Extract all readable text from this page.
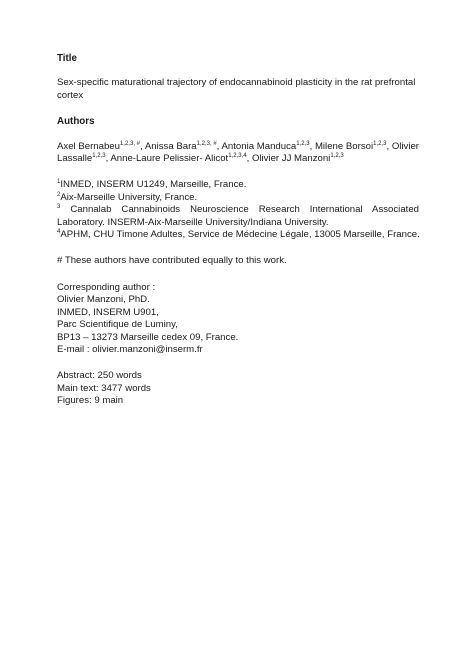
Title

Sex-specific maturational trajectory of endocannabinoid plasticity in the rat prefrontal cortex

Authors

Axel Bernabeu$^{1,2,3, \#}$, Anissa Bara$^{1,2,3, \#}$, Antonia Manduca$^{1,2,3}$, Milene Borsoi$^{1,2,3}$, Olivier Lassalle$^{1,2,3}$, Anne-Laure Pelissier- Alicot$^{1,2,3,4}$, Olivier JJ Manzoni$^{1,2,3}$

$^1$INMED, INSERM U1249, Marseille, France.

$^2$Aix-Marseille University, France.

$^3$ Cannalab Cannabinoids Neuroscience Research International Associated Laboratory. INSERM-Aix-Marseille University/Indiana University.

$^4$APHM, CHU Timone Adultes, Service de Médecine Légale, 13005 Marseille, France.

# These authors have contributed equally to this work.

Corresponding author :

Olivier Manzoni, PhD.

INMED, INSERM U901,

Parc Scientifique de Luminy,

BP13 – 13273 Marseille cedex 09, France.

E-mail : olivier.manzoni@inserm.fr

Abstract: 250 words

Main text: 3477 words

Figures: 9 main
